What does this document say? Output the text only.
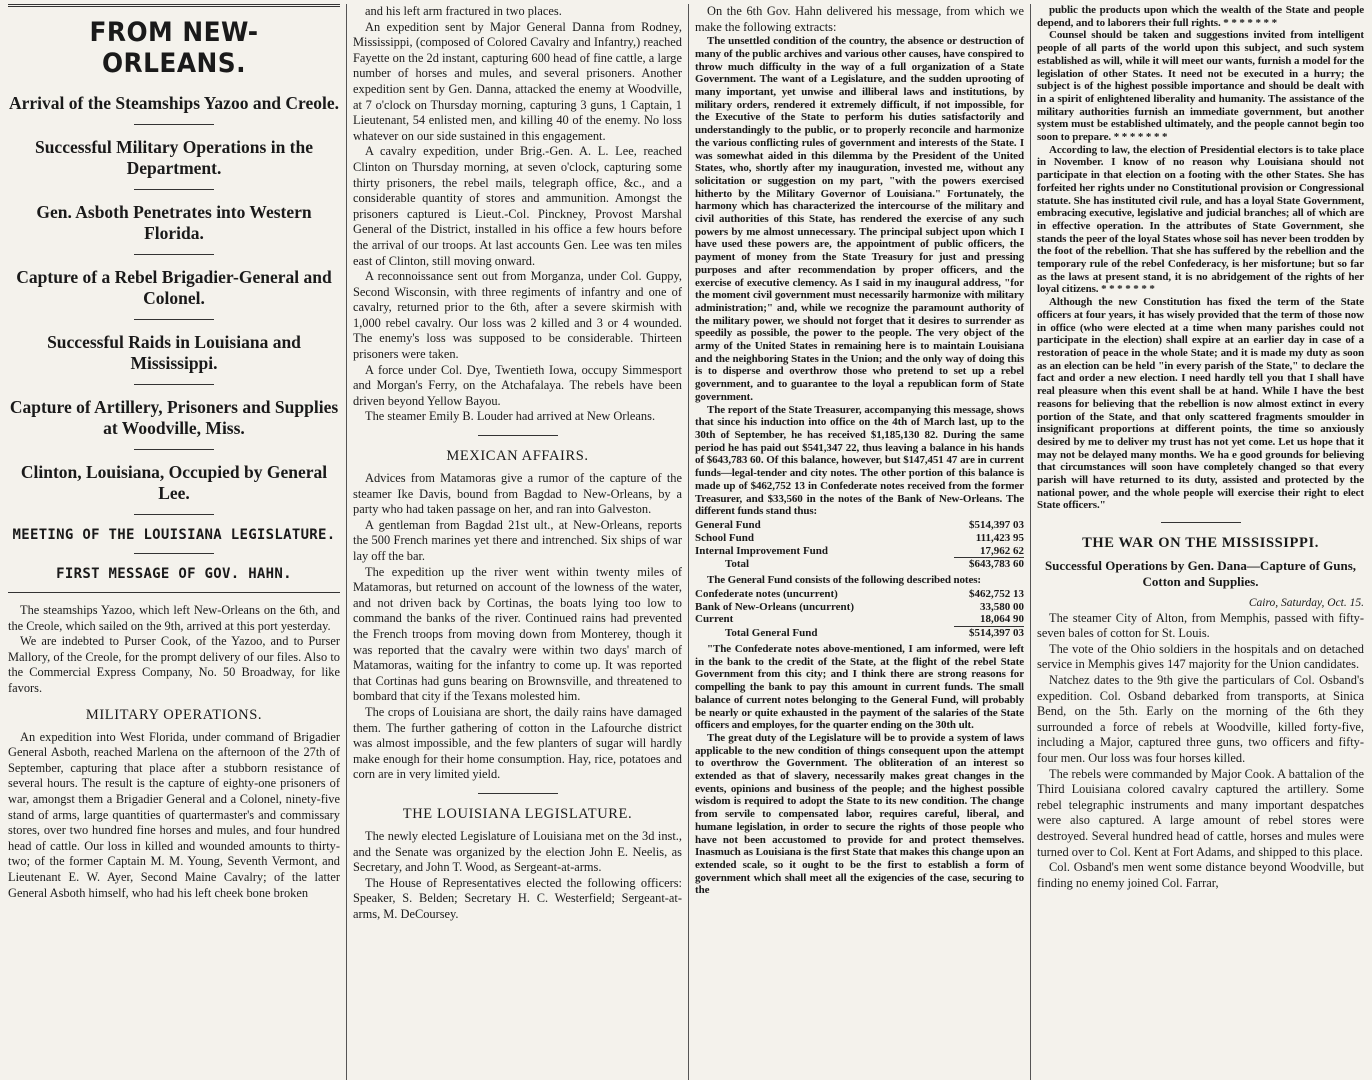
FROM NEW-ORLEANS.
Arrival of the Steamships Yazoo and Creole.
Successful Military Operations in the Department.
Gen. Asboth Penetrates into Western Florida.
Capture of a Rebel Brigadier-General and Colonel.
Successful Raids in Louisiana and Mississippi.
Capture of Artillery, Prisoners and Supplies at Woodville, Miss.
Clinton, Louisiana, Occupied by General Lee.
MEETING OF THE LOUISIANA LEGISLATURE.
FIRST MESSAGE OF GOV. HAHN.

The steamships Yazoo, which left New-Orleans on the 6th, and the Creole, which sailed on the 9th, arrived at this port yesterday.

We are indebted to Purser Cook, of the Yazoo, and to Purser Mallory, of the Creole, for the prompt delivery of our files. Also to the Commercial Express Company, No. 50 Broadway, for like favors.

MILITARY OPERATIONS.

An expedition into West Florida, under command of Brigadier General Asboth, reached Marlena on the afternoon of the 27th of September, capturing that place after a stubborn resistance of several hours. The result is the capture of eighty-one prisoners of war, amongst them a Brigadier General and a Colonel, ninety-five stand of arms, large quantities of quartermaster's and commissary stores, over two hundred fine horses and mules, and four hundred head of cattle. Our loss in killed and wounded amounts to thirty-two; of the former Captain M. M. Young, Seventh Vermont, and Lieutenant E. W. Ayer, Second Maine Cavalry; of the latter General Asboth himself, who had his left cheek bone broken

and his left arm fractured in two places.

An expedition sent by Major General Danna from Rodney, Mississippi, (composed of Colored Cavalry and Infantry,) reached Fayette on the 2d instant, capturing 600 head of fine cattle, a large number of horses and mules, and several prisoners. Another expedition sent by Gen. Danna, attacked the enemy at Woodville, at 7 o'clock on Thursday morning, capturing 3 guns, 1 Captain, 1 Lieutenant, 54 enlisted men, and killing 40 of the enemy. No loss whatever on our side sustained in this engagement.

A cavalry expedition, under Brig.-Gen. A. L. Lee, reached Clinton on Thursday morning, at seven o'clock, capturing some thirty prisoners, the rebel mails, telegraph office, &c., and a considerable quantity of stores and ammunition. Amongst the prisoners captured is Lieut.-Col. Pinckney, Provost Marshal General of the District, installed in his office a few hours before the arrival of our troops. At last accounts Gen. Lee was ten miles east of Clinton, still moving onward.

A reconnoissance sent out from Morganza, under Col. Guppy, Second Wisconsin, with three regiments of infantry and one of cavalry, returned prior to the 6th, after a severe skirmish with 1,000 rebel cavalry. Our loss was 2 killed and 3 or 4 wounded. The enemy's loss was supposed to be considerable. Thirteen prisoners were taken.

A force under Col. Dye, Twentieth Iowa, occupy Simmesport and Morgan's Ferry, on the Atchafalaya. The rebels have been driven beyond Yellow Bayou.

The steamer Emily B. Louder had arrived at New Orleans.

MEXICAN AFFAIRS.

Advices from Matamoras give a rumor of the capture of the steamer Ike Davis, bound from Bagdad to New-Orleans, by a party who had taken passage on her, and ran into Galveston.

A gentleman from Bagdad 21st ult., at New-Orleans, reports the 500 French marines yet there and intrenched. Six ships of war lay off the bar.

The expedition up the river went within twenty miles of Matamoras, but returned on account of the lowness of the water, and not driven back by Cortinas, the boats lying too low to command the banks of the river. Continued rains had prevented the French troops from moving down from Monterey, though it was reported that the cavalry were within two days' march of Matamoras, waiting for the infantry to come up. It was reported that Cortinas had guns bearing on Brownsville, and threatened to bombard that city if the Texans molested him.

The crops of Louisiana are short, the daily rains have damaged them. The further gathering of cotton in the Lafourche district was almost impossible, and the few planters of sugar will hardly make enough for their home consumption. Hay, rice, potatoes and corn are in very limited yield.

THE LOUISIANA LEGISLATURE.

The newly elected Legislature of Louisiana met on the 3d inst., and the Senate was organized by the election John E. Neelis, as Secretary, and John T. Wood, as Sergeant-at-arms.

The House of Representatives elected the following officers: Speaker, S. Belden; Secretary H. C. Westerfield; Sergeant-at-arms, M. DeCoursey.

On the 6th Gov. Hahn delivered his message, from which we make the following extracts:

The unsettled condition of the country, the absence or destruction of many of the public archives and various other causes, have conspired to throw much difficulty in the way of a full organization of a State Government. The want of a Legislature, and the sudden uprooting of many important, yet unwise and illiberal laws and institutions, by military orders, rendered it extremely difficult, if not impossible, for the Executive of the State to perform his duties satisfactorily and understandingly to the public, or to properly reconcile and harmonize the various conflicting rules of government and interests of the State. I was somewhat aided in this dilemma by the President of the United States, who, shortly after my inauguration, invested me, without any solicitation or suggestion on my part, "with the powers exercised hitherto by the Military Governor of Louisiana." Fortunately, the harmony which has characterized the intercourse of the military and civil authorities of this State, has rendered the exercise of any such powers by me almost unnecessary. The principal subject upon which I have used these powers are, the appointment of public officers, the payment of money from the State Treasury for just and pressing purposes and after recommendation by proper officers, and the exercise of executive clemency. As I said in my inaugural address, "for the moment civil government must necessarily harmonize with military administration;" and, while we recognize the paramount authority of the military power, we should not forget that it desires to surrender as speedily as possible, the power to the people. The very object of the army of the United States in remaining here is to maintain Louisiana and the neighboring States in the Union; and the only way of doing this is to disperse and overthrow those who pretend to set up a rebel government, and to guarantee to the loyal a republican form of State government.

The report of the State Treasurer, accompanying this message, shows that since his induction into office on the 4th of March last, up to the 30th of September, he has received $1,185,130 82. During the same period he has paid out $541,347 22, thus leaving a balance in his hands of $643,783 60. Of this balance, however, but $147,451 47 are in current funds—legal-tender and city notes. The other portion of this balance is made up of $462,752 13 in Confederate notes received from the former Treasurer, and $33,560 in the notes of the Bank of New-Orleans. The different funds stand thus:

General Fund	$514,397 03
School Fund	111,423 95
Internal Improvement Fund	17,962 62
Total	$643,783 60

The General Fund consists of the following described notes:

Confederate notes (uncurrent)	$462,752 13
Bank of New-Orleans (uncurrent)	33,580 00
Current	18,064 90
Total General Fund	$514,397 03

"The Confederate notes above-mentioned, I am informed, were left in the bank to the credit of the State, at the flight of the rebel State Government from this city; and I think there are strong reasons for compelling the bank to pay this amount in current funds. The small balance of current notes belonging to the General Fund, will probably be nearly or quite exhausted in the payment of the salaries of the State officers and employes, for the quarter ending on the 30th ult.

The great duty of the Legislature will be to provide a system of laws applicable to the new condition of things consequent upon the attempt to overthrow the Government. The obliteration of an interest so extended as that of slavery, necessarily makes great changes in the events, opinions and business of the people; and the highest possible wisdom is required to adopt the State to its new condition. The change from servile to compensated labor, requires careful, liberal, and humane legislation, in order to secure the rights of those people who have not been accustomed to provide for and protect themselves. Inasmuch as Louisiana is the first State that makes this change upon an extended scale, so it ought to be the first to establish a form of government which shall meet all the exigencies of the case, securing to the

public the products upon which the wealth of the State and people depend, and to laborers their full rights. * * * * * * *

Counsel should be taken and suggestions invited from intelligent people of all parts of the world upon this subject, and such system established as will, while it will meet our wants, furnish a model for the legislation of other States. It need not be executed in a hurry; the subject is of the highest possible importance and should be dealt with in a spirit of enlightened liberality and humanity. The assistance of the military authorities furnish an immediate government, but another system must be established ultimately, and the people cannot begin too soon to prepare. * * * * * * *

According to law, the election of Presidential electors is to take place in November. I know of no reason why Louisiana should not participate in that election on a footing with the other States. She has forfeited her rights under no Constitutional provision or Congressional statute. She has instituted civil rule, and has a loyal State Government, embracing executive, legislative and judicial branches; all of which are in effective operation. In the attributes of State Government, she stands the peer of the loyal States whose soil has never been trodden by the foot of the rebellion. That she has suffered by the rebellion and the temporary rule of the rebel Confederacy, is her misfortune; but so far as the laws at present stand, it is no abridgement of the rights of her loyal citizens. * * * * * * *

Although the new Constitution has fixed the term of the State officers at four years, it has wisely provided that the term of those now in office (who were elected at a time when many parishes could not participate in the election) shall expire at an earlier day in case of a restoration of peace in the whole State; and it is made my duty as soon as an election can be held "in every parish of the State," to declare the fact and order a new election. I need hardly tell you that I shall have real pleasure when this event shall be at hand. While I have the best reasons for believing that the rebellion is now almost extinct in every portion of the State, and that only scattered fragments smoulder in insignificant proportions at different points, the time so anxiously desired by me to deliver my trust has not yet come. Let us hope that it may not be delayed many months. We ha e good grounds for believing that circumstances will soon have completely changed so that every parish will have returned to its duty, assisted and protected by the national power, and the whole people will exercise their right to elect State officers."

THE WAR ON THE MISSISSIPPI.
Successful Operations by Gen. Dana—Capture of Guns, Cotton and Supplies.

Cairo, Saturday, Oct. 15.

The steamer City of Alton, from Memphis, passed with fifty-seven bales of cotton for St. Louis.

The vote of the Ohio soldiers in the hospitals and on detached service in Memphis gives 147 majority for the Union candidates.

Natchez dates to the 9th give the particulars of Col. Osband's expedition. Col. Osband debarked from transports, at Sinica Bend, on the 5th. Early on the morning of the 6th they surrounded a force of rebels at Woodville, killed forty-five, including a Major, captured three guns, two officers and fifty-four men. Our loss was four horses killed.

The rebels were commanded by Major Cook. A battalion of the Third Louisiana colored cavalry captured the artillery. Some rebel telegraphic instruments and many important despatches were also captured. A large amount of rebel stores were destroyed. Several hundred head of cattle, horses and mules were turned over to Col. Kent at Fort Adams, and shipped to this place.

Col. Osband's men went some distance beyond Woodville, but finding no enemy joined Col. Farrar,
